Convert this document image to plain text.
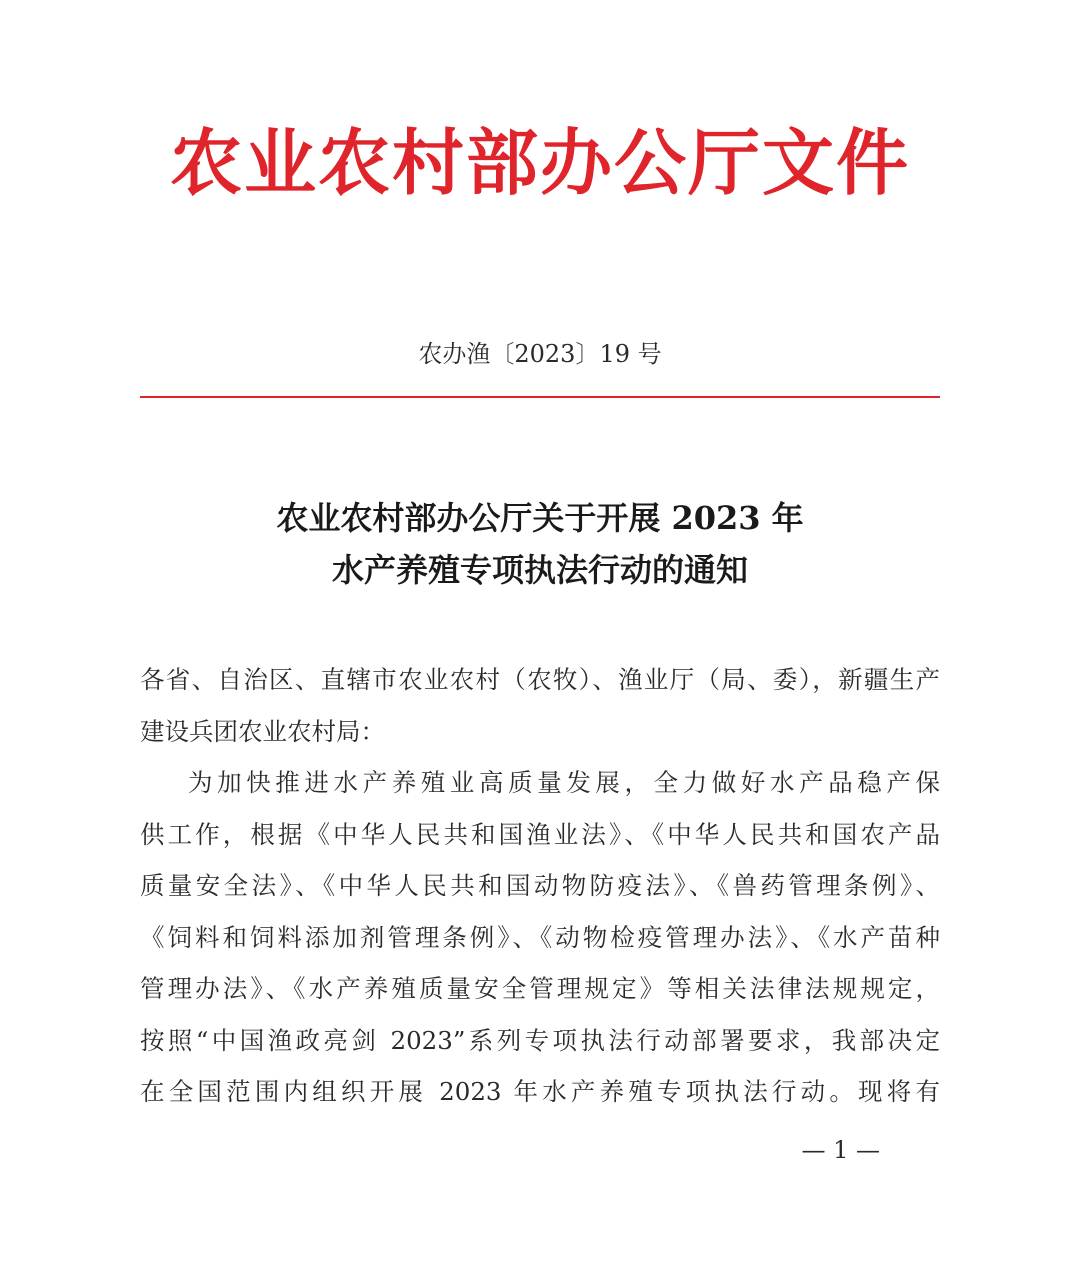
农业农村部办公厅文件
农办渔〔2023〕19 号
农业农村部办公厅关于开展 2023 年
水产养殖专项执法行动的通知
各省、自治区、直辖市农业农村（农牧）、渔业厅（局、委），新疆生产
建设兵团农业农村局：
为加快推进水产养殖业高质量发展，全力做好水产品稳产保
供工作，根据《中华人民共和国渔业法》、《中华人民共和国农产品
质量安全法》、《中华人民共和国动物防疫法》、《兽药管理条例》、
《饲料和饲料添加剂管理条例》、《动物检疫管理办法》、《水产苗种
管理办法》、《水产养殖质量安全管理规定》等相关法律法规规定，
按照“中国渔政亮剑 2023”系列专项执法行动部署要求，我部决定
在全国范围内组织开展 2023 年水产养殖专项执法行动。现将有
— 1 —
